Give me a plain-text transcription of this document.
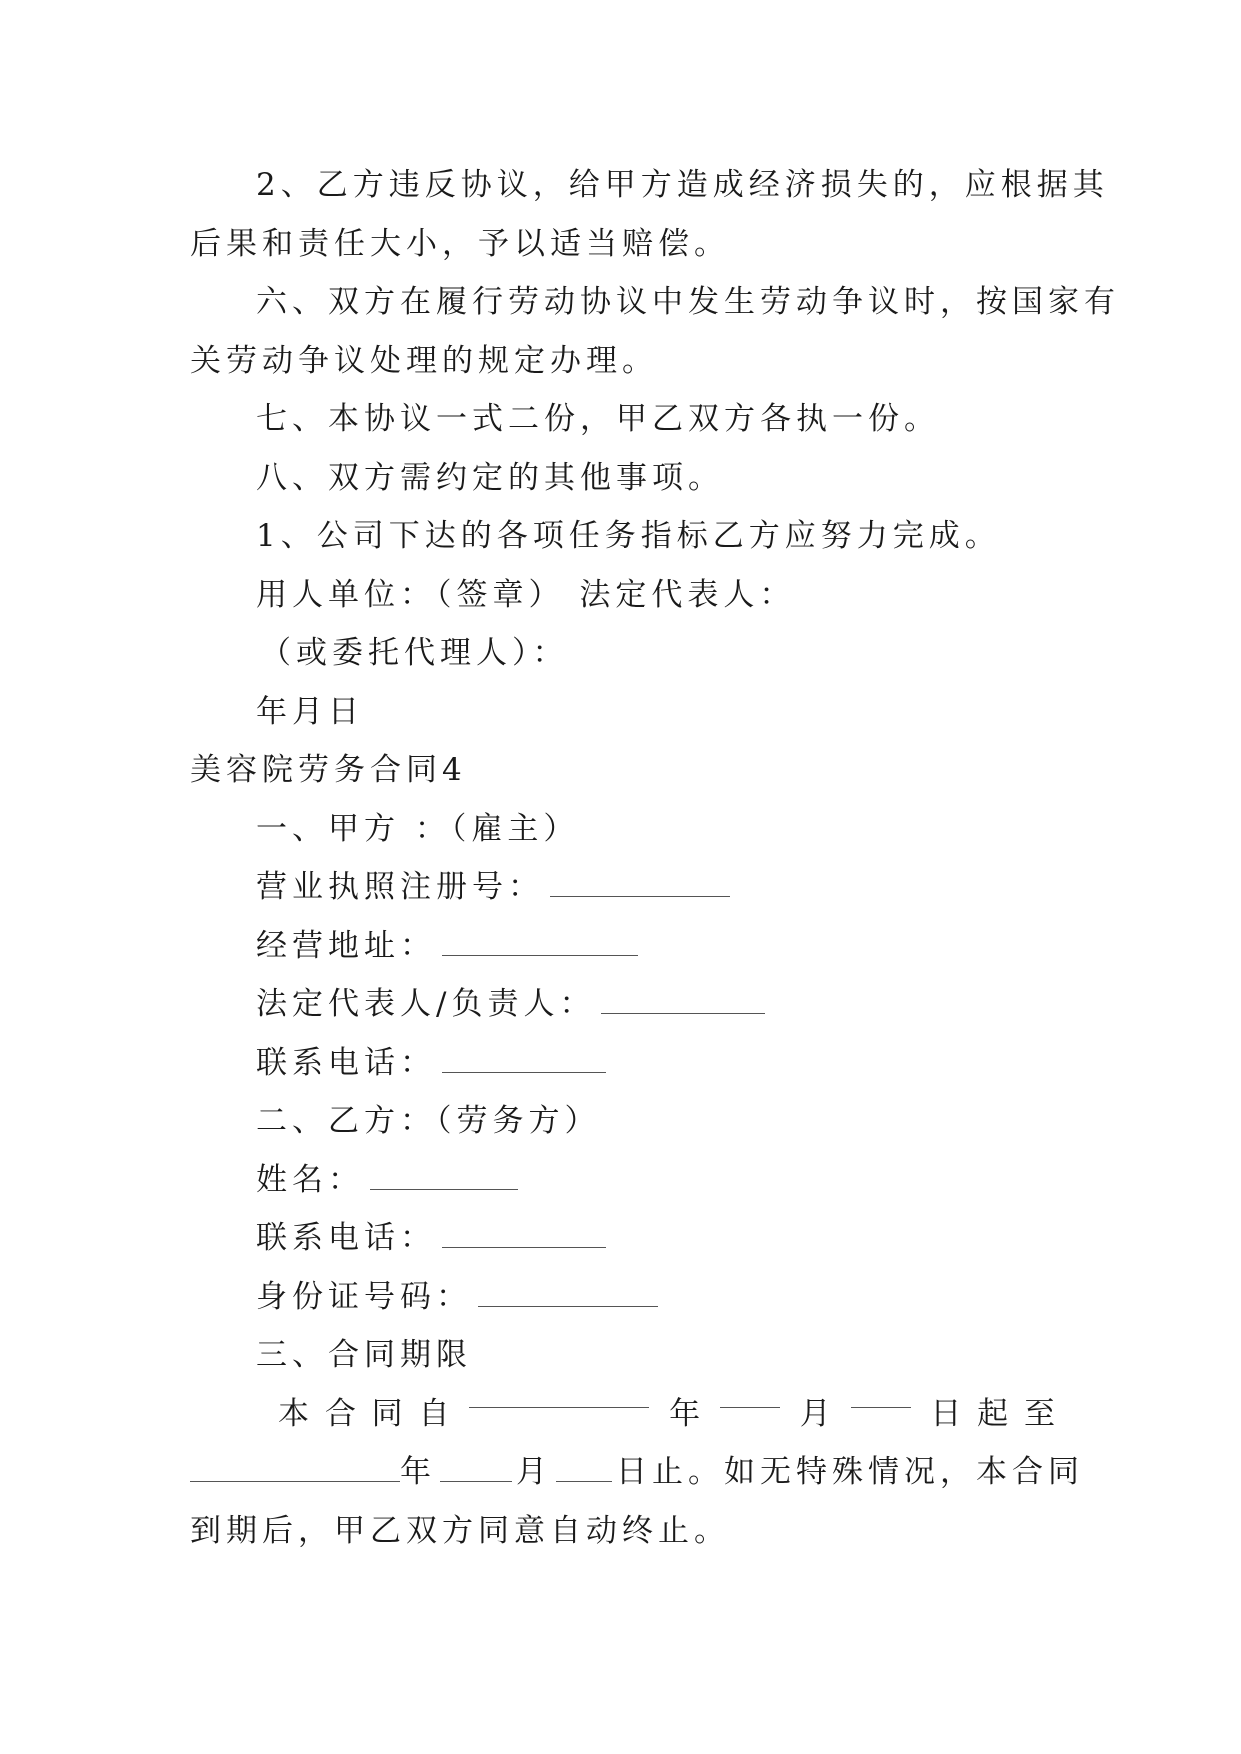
2、乙方违反协议，给甲方造成经济损失的，应根据其
后果和责任大小，予以适当赔偿。
六、双方在履行劳动协议中发生劳动争议时，按国家有
关劳动争议处理的规定办理。
七、本协议一式二份，甲乙双方各执一份。
八、双方需约定的其他事项。
1、公司下达的各项任务指标乙方应努力完成。
用人单位：（签章） 法定代表人：
（或委托代理人）：
年月日
美容院劳务合同4
一、甲方 ：（雇主）
营业执照注册号：
经营地址：
法定代表人/负责人：
联系电话：
二、乙方：（劳务方）
姓名：
联系电话：
身份证号码：
三、合同期限
本 合 同 自	年	月	日 起 至
年	月 日止。如无特殊情况，本合同
到期后，甲乙双方同意自动终止。
